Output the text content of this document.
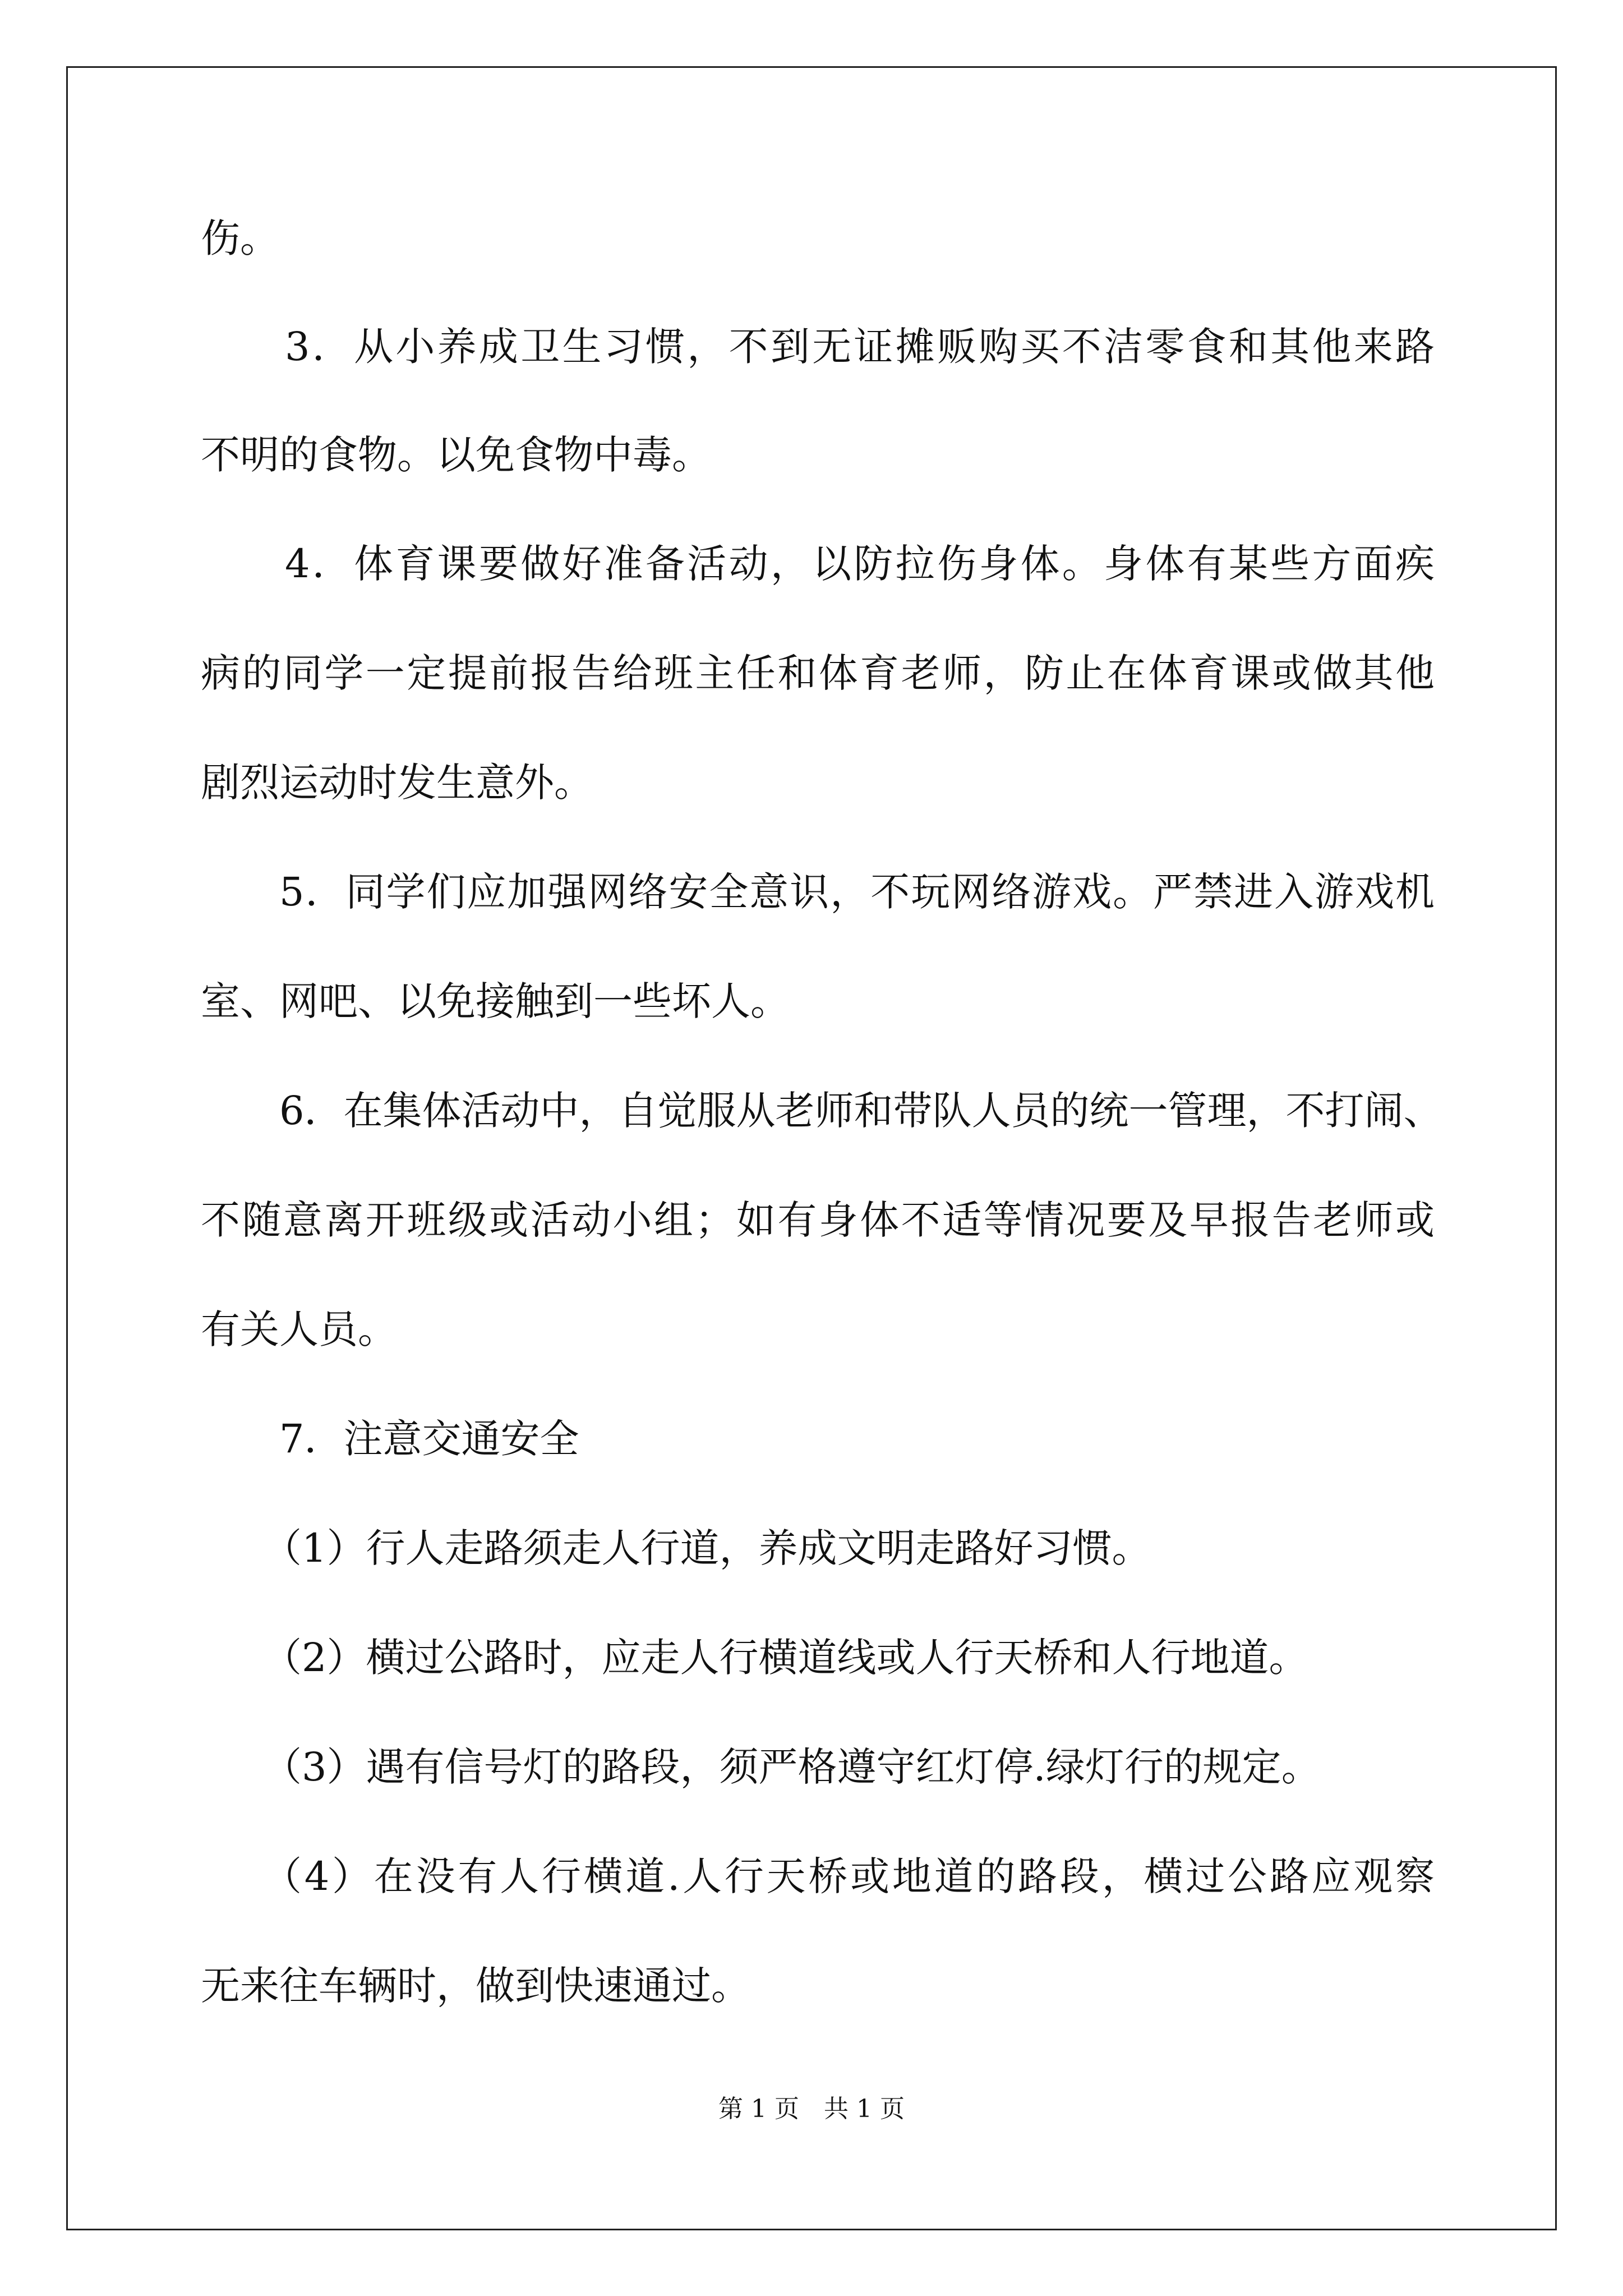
伤。
3．从小养成卫生习惯，不到无证摊贩购买不洁零食和其他来路
不明的食物。以免食物中毒。
4．体育课要做好准备活动，以防拉伤身体。身体有某些方面疾
病的同学一定提前报告给班主任和体育老师，防止在体育课或做其他
剧烈运动时发生意外。
5．同学们应加强网络安全意识，不玩网络游戏。严禁进入游戏机
室、网吧、以免接触到一些坏人。
6．在集体活动中，自觉服从老师和带队人员的统一管理，不打闹、
不随意离开班级或活动小组；如有身体不适等情况要及早报告老师或
有关人员。
7．注意交通安全
（1）行人走路须走人行道，养成文明走路好习惯。
（2）横过公路时，应走人行横道线或人行天桥和人行地道。
（3）遇有信号灯的路段，须严格遵守红灯停.绿灯行的规定。
（4）在没有人行横道.人行天桥或地道的路段，横过公路应观察
无来往车辆时，做到快速通过。
第 1 页　共 1 页
